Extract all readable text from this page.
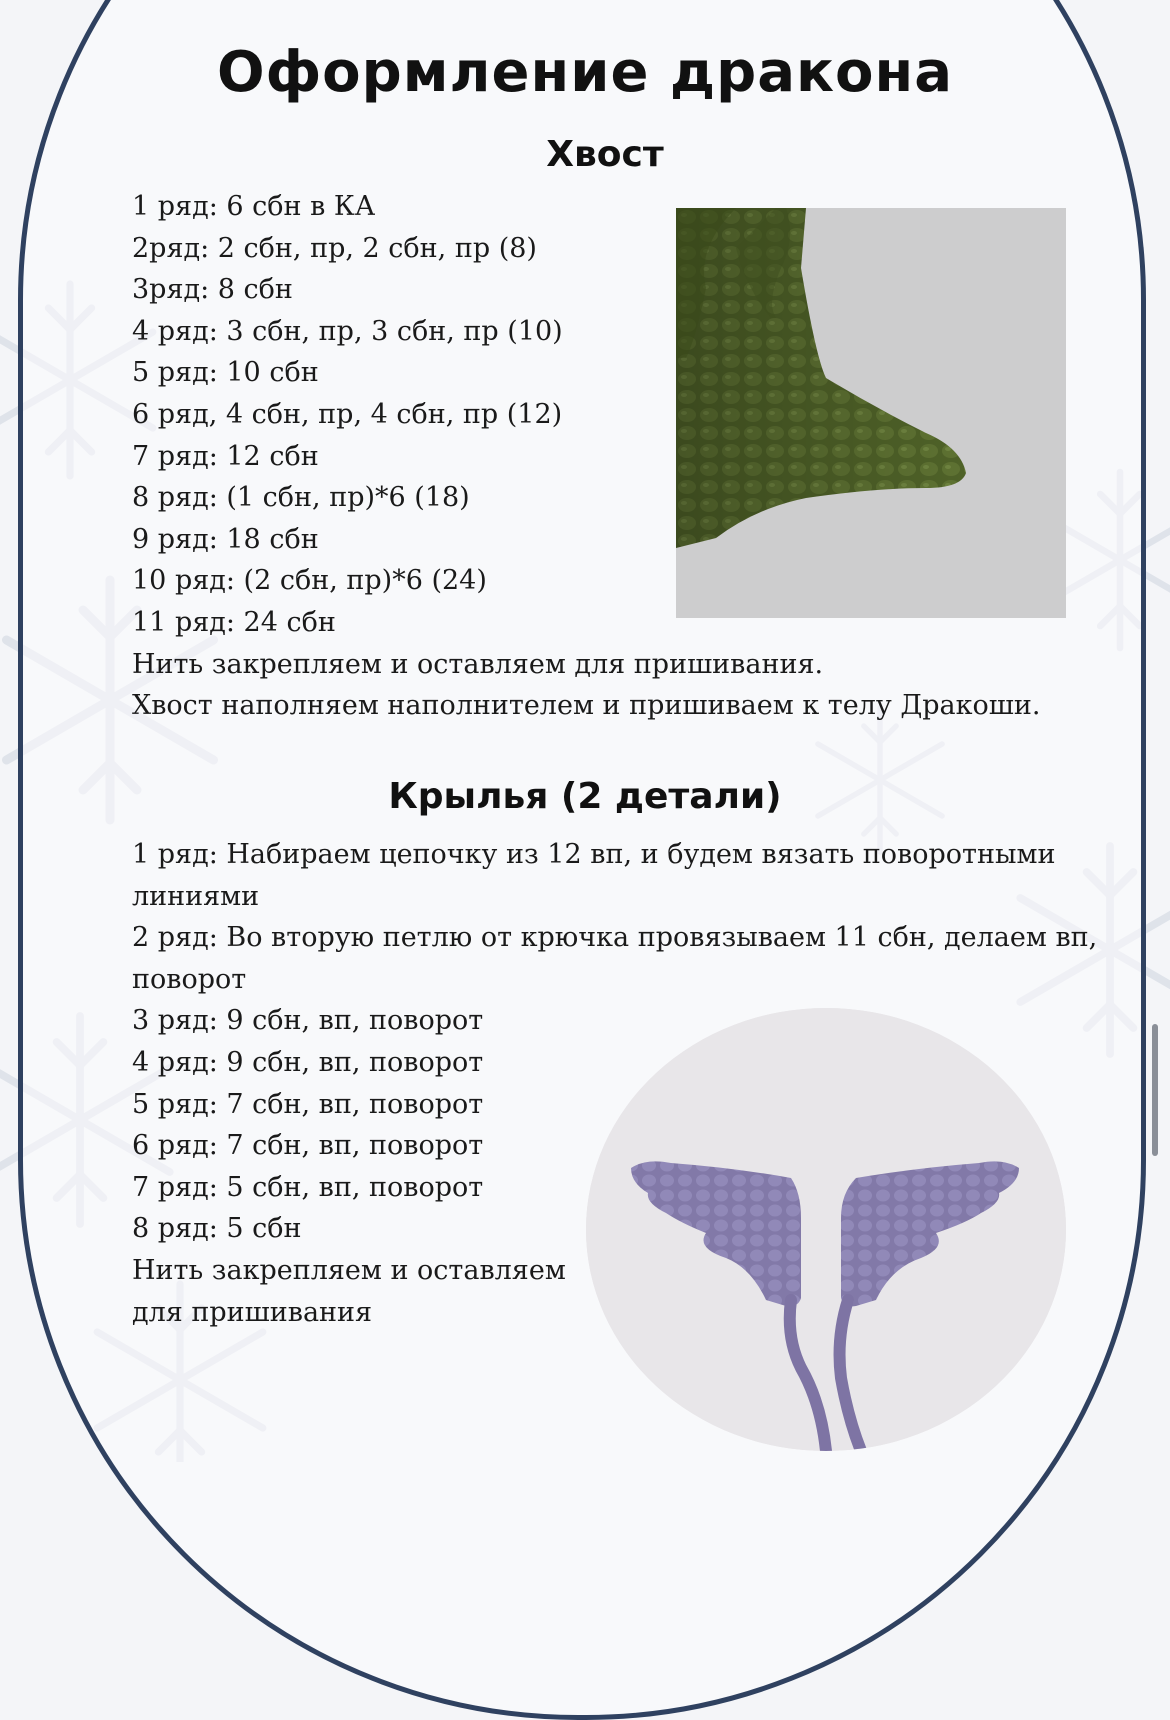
Оформление дракона
Хвост
1 ряд: 6 сбн в КА
2ряд: 2 сбн, пр, 2 сбн, пр (8)
3ряд: 8 сбн
4 ряд: 3 сбн, пр, 3 сбн, пр (10)
5 ряд: 10 сбн
6 ряд, 4 сбн, пр, 4 сбн, пр (12)
7 ряд: 12 сбн
8 ряд: (1 сбн, пр)*6 (18)
9 ряд: 18 сбн
10 ряд: (2 сбн, пр)*6 (24)
11 ряд: 24 сбн
Нить закрепляем и оставляем для пришивания.
Хвост наполняем наполнителем и пришиваем к телу Дракоши.
Крылья (2 детали)
1 ряд: Набираем цепочку из 12 вп, и будем вязать поворотными
линиями
2 ряд: Во вторую петлю от крючка провязываем 11 сбн, делаем вп,
поворот
3 ряд: 9 сбн, вп, поворот
4 ряд: 9 сбн, вп, поворот
5 ряд: 7 сбн, вп, поворот
6 ряд: 7 сбн, вп, поворот
7 ряд: 5 сбн, вп, поворот
8 ряд: 5 сбн
Нить закрепляем и оставляем
для пришивания
